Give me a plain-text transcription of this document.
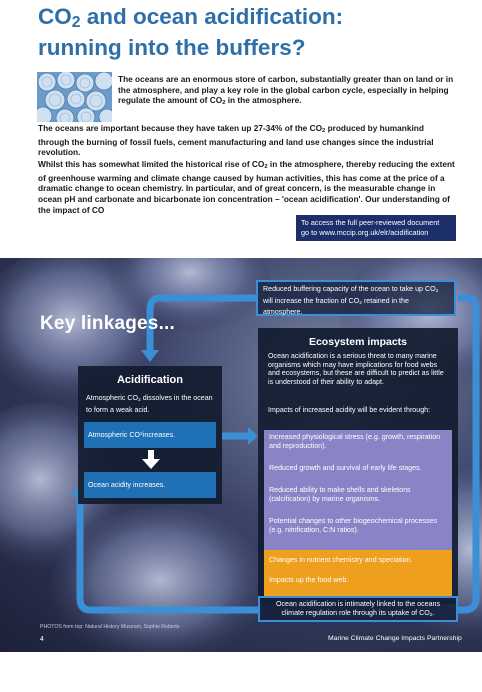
$CO_2$ and ocean acidification:
running into the buffers?

The oceans are an enormous store of carbon, substantially greater than on land or in the atmosphere, and play a key role in the global carbon cycle, especially in helping regulate the amount of $CO_2$ in the atmosphere.

The oceans are important because they have taken up 27-34% of the $CO_2$ produced by humankind through the burning of fossil fuels, cement manufacturing and land use changes since the industrial revolution.

Whilst this has somewhat limited the historical rise of $CO_2$ in the atmosphere, thereby reducing the extent of greenhouse warming and climate change caused by human activities, this has come at the price of a dramatic change to ocean chemistry. In particular, and of great concern, is the measurable change in ocean pH and carbonate and bicarbonate ion concentration – 'ocean acidification'. Our understanding of the impact of CO

To access the full peer-reviewed document
go to www.mccip.org.uk/elr/acidification
Reduced buffering capacity of the ocean to take up $CO_2$ will increase the fraction of $CO_2$ retained in the atmosphere.
Key linkages...
Acidification
Atmospheric $CO_2$ dissolves in the ocean to form a weak acid.
Atmospheric CO 2 increases.
Ocean acidity increases.
Ecosystem impacts
Ocean acidification is a serious threat to many marine organisms which may have implications for food webs and ecosystems, but these are difficult to predict as little is understood of their ability to adapt.
Impacts of increased acidity will be evident through:
Increased physiological stress (e.g. growth, respiration and reproduction).
Reduced growth and survival of early life stages.
Reduced ability to make shells and skeletons (calcification) by marine organisms.
Potential changes to other biogeochemical processes (e.g. nitrification, C:N ratios).
Changes in nutrient chemistry and speciation.
Impacts up the food web.
Ocean acidification is intimately linked to the oceans climate regulation role through its uptake of $CO_2$.
PHOTOS from top: Natural History Museum, Sophie Roberts
4	Marine Climate Change Impacts Partnership
